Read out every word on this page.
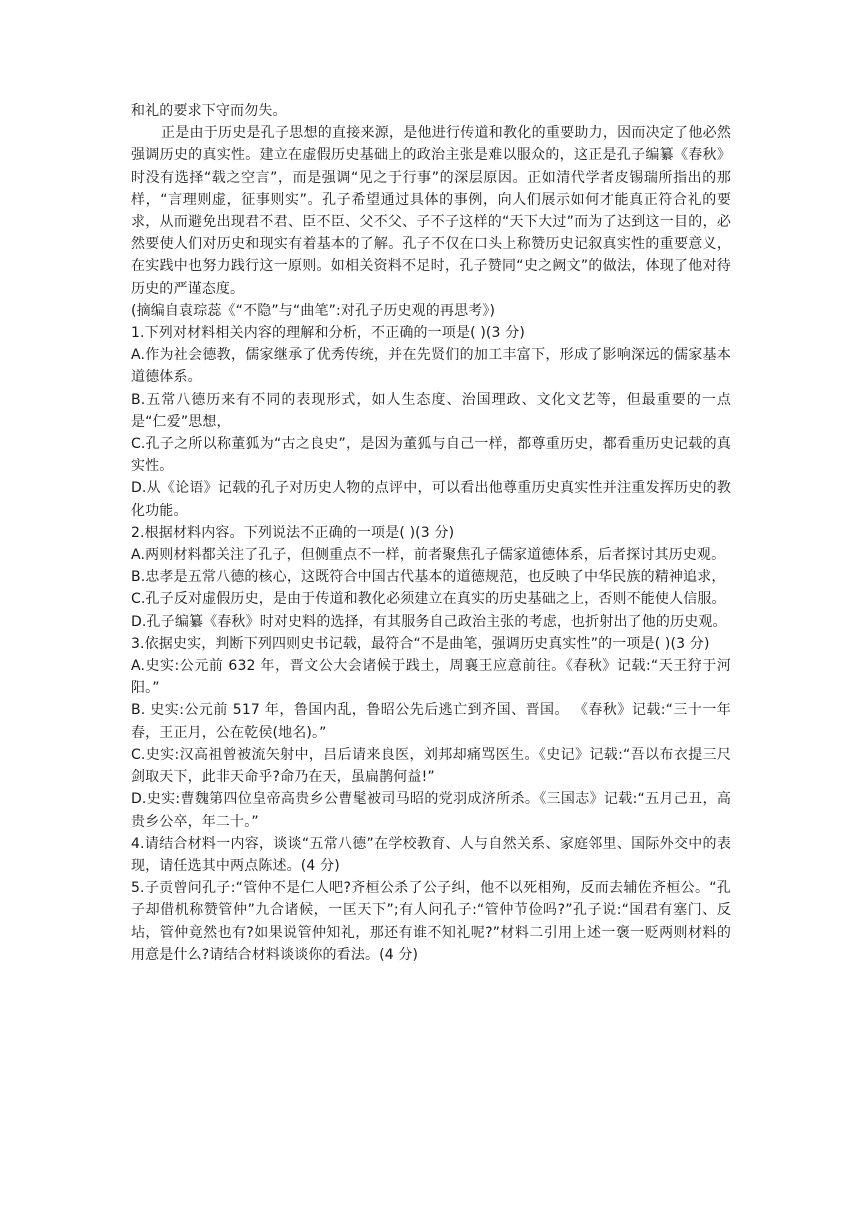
和礼的要求下守而勿失。

正是由于历史是孔子思想的直接来源，是他进行传道和教化的重要助力，因而决定了他必然强调历史的真实性。建立在虚假历史基础上的政治主张是难以服众的，这正是孔子编纂《春秋》时没有选择“载之空言”，而是强调“见之于行事”的深层原因。正如清代学者皮锡瑞所指出的那样，“言理则虚，征事则实”。孔子希望通过具体的事例，向人们展示如何才能真正符合礼的要求，从而避免出现君不君、臣不臣、父不父、子不子这样的“天下大过”而为了达到这一目的，必然要使人们对历史和现实有着基本的了解。孔子不仅在口头上称赞历史记叙真实性的重要意义，在实践中也努力践行这一原则。如相关资料不足时，孔子赞同“史之阙文”的做法，体现了他对待历史的严谨态度。

(摘编自袁琮蕊《“不隐”与“曲笔”:对孔子历史观的再思考》)

1.下列对材料相关内容的理解和分析，不正确的一项是( )(3 分)

A.作为社会德教，儒家继承了优秀传统，并在先贤们的加工丰富下，形成了影响深远的儒家基本道德体系。

B.五常八德历来有不同的表现形式，如人生态度、治国理政、文化文艺等，但最重要的一点是“仁爱”思想，

C.孔子之所以称董狐为“古之良史”，是因为董狐与自己一样，都尊重历史，都看重历史记载的真实性。

D.从《论语》记载的孔子对历史人物的点评中，可以看出他尊重历史真实性并注重发挥历史的教化功能。

2.根据材料内容。下列说法不正确的一项是( )(3 分)

A.两则材料都关注了孔子，但侧重点不一样，前者聚焦孔子儒家道德体系，后者探讨其历史观。

B.忠孝是五常八德的核心，这既符合中国古代基本的道德规范，也反映了中华民族的精神追求，

C.孔子反对虚假历史，是由于传道和教化必须建立在真实的历史基础之上，否则不能使人信服。

D.孔子编纂《春秋》时对史料的选择，有其服务自己政治主张的考虑，也折射出了他的历史观。

3.依据史实，判断下列四则史书记载，最符合“不是曲笔，强调历史真实性”的一项是( )(3 分)

A.史实:公元前 632 年，晋文公大会诸候于践土，周襄王应意前往。《春秋》记载:“天王狩于河阳。”

B. 史实:公元前 517 年，鲁国内乱，鲁昭公先后逃亡到齐国、晋国。 《春秋》记载:“三十一年春，王正月，公在乾侯(地名)。”

C.史实:汉高祖曾被流矢射中，吕后请来良医，刘邦却痛骂医生。《史记》记载:“吾以布衣提三尺剑取天下，此非天命乎?命乃在天，虽扁鹊何益!”

D.史实:曹魏第四位皇帝高贵乡公曹髦被司马昭的党羽成济所杀。《三国志》记载:“五月己丑，高贵乡公卒，年二十。”

4.请结合材料一内容，谈谈“五常八德”在学校教育、人与自然关系、家庭邻里、国际外交中的表现，请任选其中两点陈述。(4 分)

5.子贡曾问孔子:“管仲不是仁人吧?齐桓公杀了公子纠，他不以死相殉，反而去辅佐齐桓公。“孔子却借机称赞管仲”九合诸候，一匡天下”;有人问孔子:“管仲节俭吗?”孔子说:“国君有塞门、反坫，管仲竟然也有?如果说管仲知礼，那还有谁不知礼呢?”材料二引用上述一褒一贬两则材料的用意是什么?请结合材料谈谈你的看法。(4 分)
